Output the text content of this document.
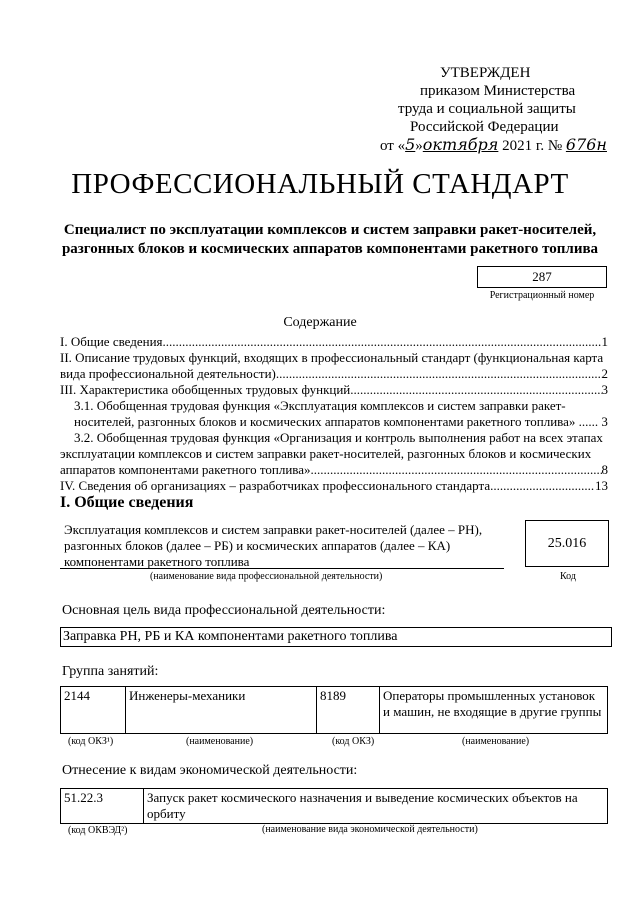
УТВЕРЖДЕН
приказом Министерства
труда и социальной защиты
Российской Федерации
от «5»октября 2021 г. № 676н
ПРОФЕССИОНАЛЬНЫЙ СТАНДАРТ
Специалист по эксплуатации комплексов и систем заправки ракет-носителей, разгонных блоков и космических аппаратов компонентами ракетного топлива
287
Регистрационный номер
Содержание

I. Общие сведения .....	1

II. Описание трудовых функций, входящих в профессиональный стандарт (функциональная карта
вида профессиональной деятельности) .....	2

III. Характеристика обобщенных трудовых функций .....	3

3.1. Обобщенная трудовая функция «Эксплуатация комплексов и систем заправки ракет-
носителей, разгонных блоков и космических аппаратов компонентами ракетного топлива» ...... 3

3.2. Обобщенная трудовая функция «Организация и контроль выполнения работ на всех этапах
эксплуатации комплексов и систем заправки ракет-носителей, разгонных блоков и космических
аппаратов компонентами ракетного топлива» .....	8

IV. Сведения об организациях – разработчиках профессионального стандарта .....	13

I. Общие сведения
Эксплуатация комплексов и систем заправки ракет-носителей (далее – РН), разгонных блоков (далее – РБ) и космических аппаратов (далее – КА) компонентами ракетного топлива
(наименование вида профессиональной деятельности)
25.016
Код
Основная цель вида профессиональной деятельности:
Заправка РН, РБ и КА компонентами ракетного топлива
Группа занятий:
2144	Инженеры-механики	8189	Операторы промышленных установок и машин, не входящие в другие группы
(код ОКЗ¹)	(наименование)	(код ОКЗ)	(наименование)
Отнесение к видам экономической деятельности:
51.22.3	Запуск ракет космического назначения и выведение космических объектов на орбиту
(код ОКВЭД²)	(наименование вида экономической деятельности)
